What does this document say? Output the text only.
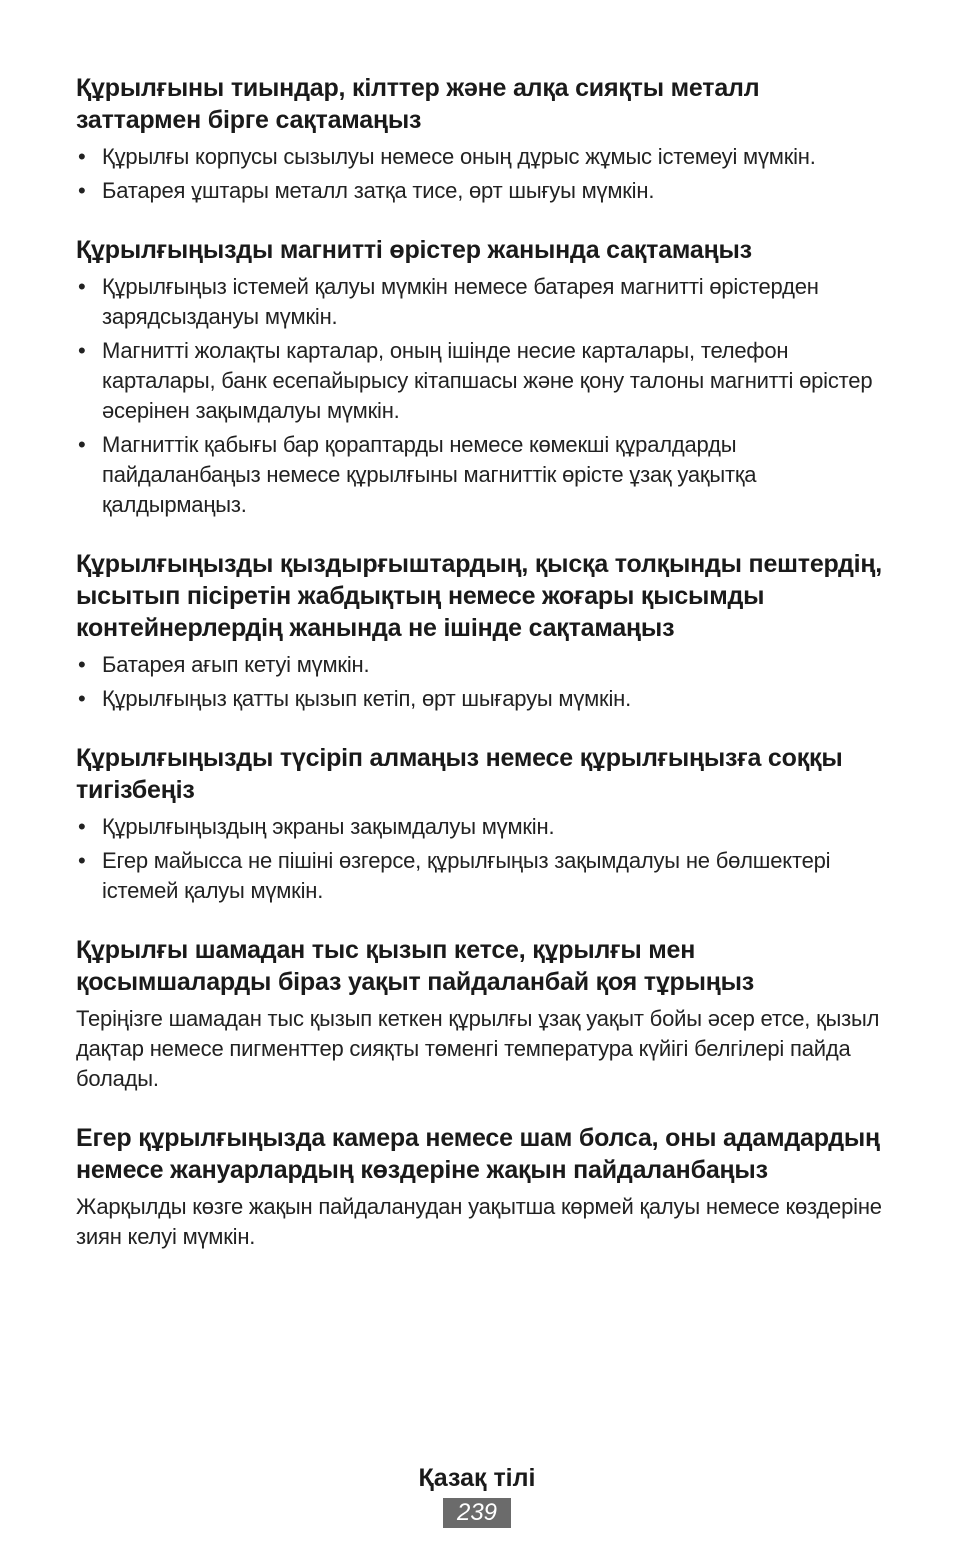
Құрылғыны тиындар, кілттер және алқа сияқты металл заттармен бірге сақтамаңыз
• Құрылғы корпусы сызылуы немесе оның дұрыс жұмыс істемеуі мүмкін.
• Батарея ұштары металл затқа тисе, өрт шығуы мүмкін.
Құрылғыңызды магнитті өрістер жанында сақтамаңыз
• Құрылғыңыз істемей қалуы мүмкін немесе батарея магнитті өрістерден зарядсыздануы мүмкін.
• Магнитті жолақты карталар, оның ішінде несие карталары, телефон карталары, банк есепайырысу кітапшасы және қону талоны магнитті өрістер әсерінен зақымдалуы мүмкін.
• Магниттік қабығы бар қораптарды немесе көмекші құралдарды пайдаланбаңыз немесе құрылғыны магниттік өрісте ұзақ уақытқа қалдырмаңыз.
Құрылғыңызды қыздырғыштардың, қысқа толқынды пештердің, ысытып пісіретін жабдықтың немесе жоғары қысымды контейнерлердің жанында не ішінде сақтамаңыз
• Батарея ағып кетуі мүмкін.
• Құрылғыңыз қатты қызып кетіп, өрт шығаруы мүмкін.
Құрылғыңызды түсіріп алмаңыз немесе құрылғыңызға соққы тигізбеңіз
• Құрылғыңыздың экраны зақымдалуы мүмкін.
• Егер майысса не пішіні өзгерсе, құрылғыңыз зақымдалуы не бөлшектері істемей қалуы мүмкін.
Құрылғы шамадан тыс қызып кетсе, құрылғы мен қосымшаларды біраз уақыт пайдаланбай қоя тұрыңыз

Теріңізге шамадан тыс қызып кеткен құрылғы ұзақ уақыт бойы әсер етсе, қызыл дақтар немесе пигменттер сияқты төменгі температура күйігі белгілері пайда болады.

Егер құрылғыңызда камера немесе шам болса, оны адамдардың немесе жануарлардың көздеріне жақын пайдаланбаңыз

Жарқылды көзге жақын пайдаланудан уақытша көрмей қалуы немесе көздеріне зиян келуі мүмкін.

Қазақ тілі
239
